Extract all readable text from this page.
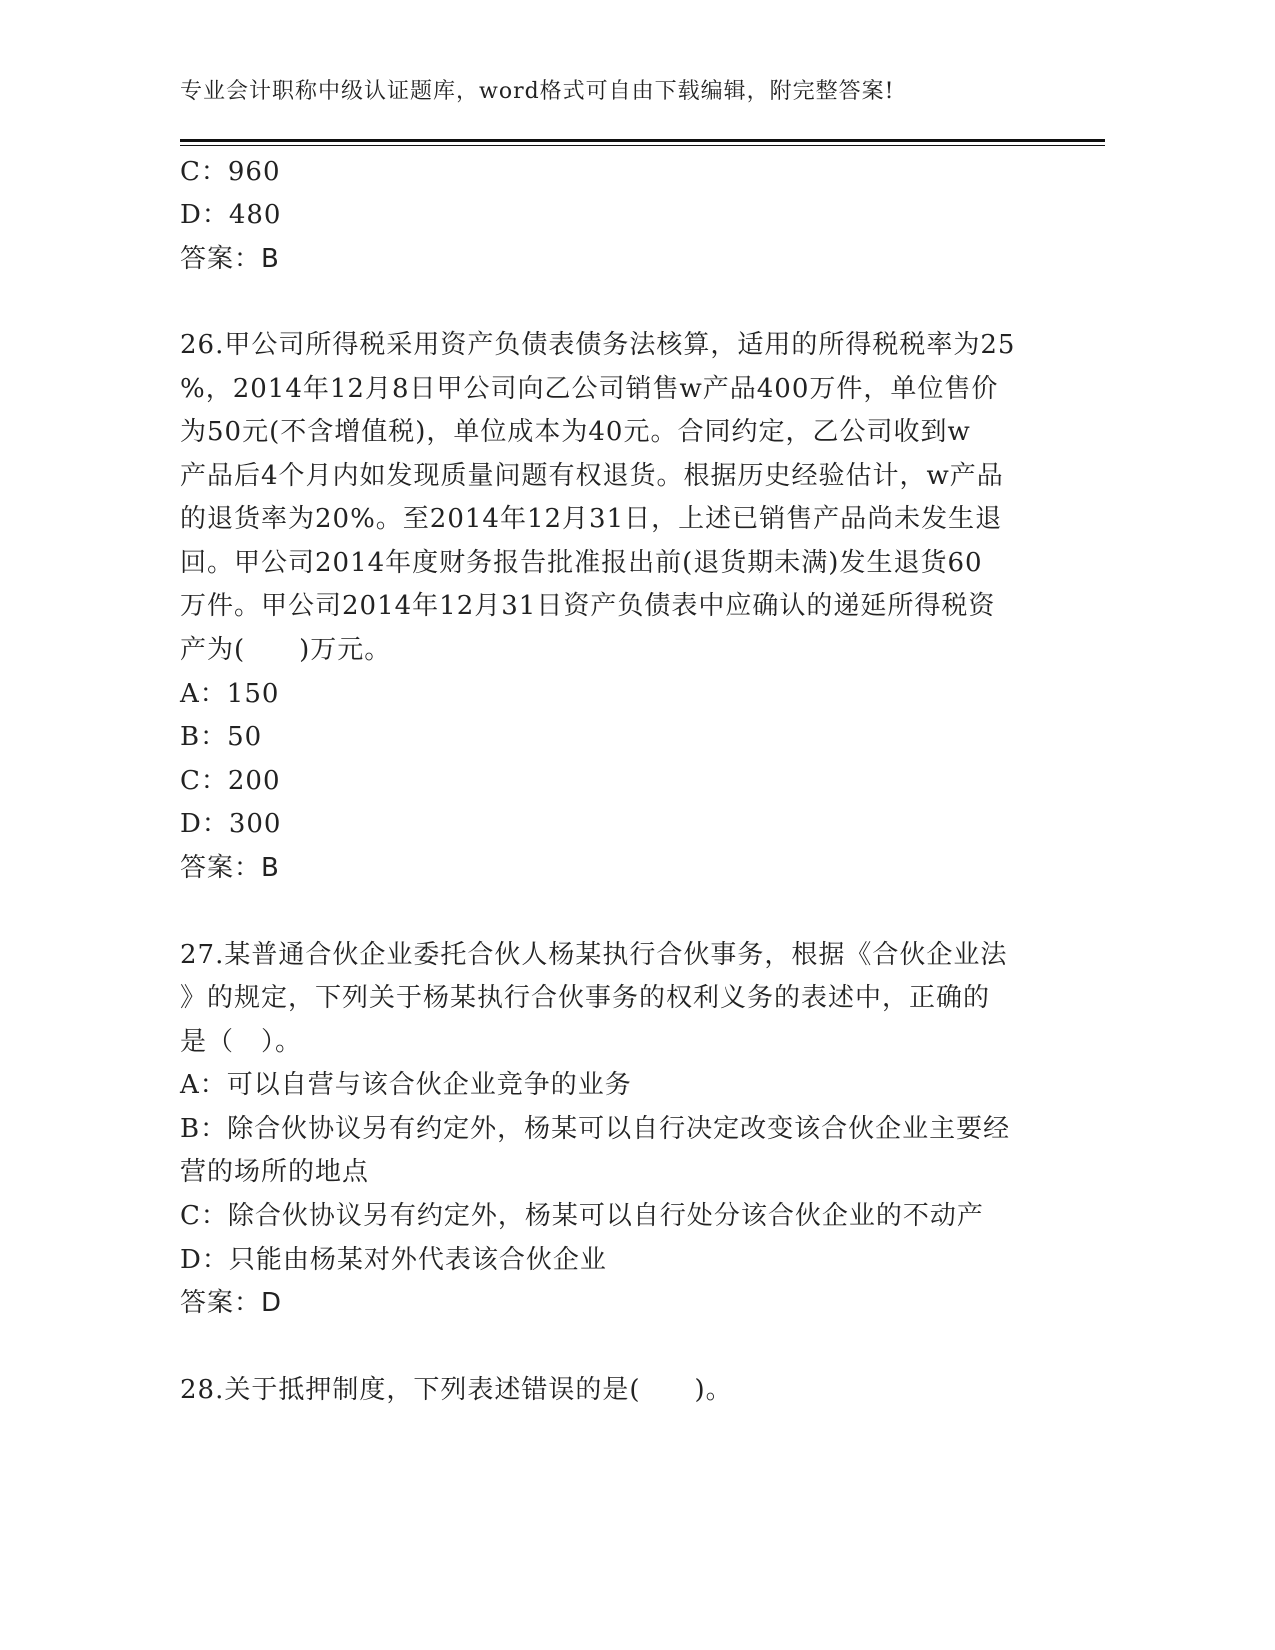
专业会计职称中级认证题库，word格式可自由下载编辑，附完整答案!
C：960
D：480
答案：B
26.甲公司所得税采用资产负债表债务法核算，适用的所得税税率为25
%，2014年12月8日甲公司向乙公司销售w产品400万件，单位售价
为50元(不含增值税)，单位成本为40元。合同约定，乙公司收到w
产品后4个月内如发现质量问题有权退货。根据历史经验估计，w产品
的退货率为20%。至2014年12月31日，上述已销售产品尚未发生退
回。甲公司2014年度财务报告批准报出前(退货期未满)发生退货60
万件。甲公司2014年12月31日资产负债表中应确认的递延所得税资
产为(　　)万元。
A：150
B：50
C：200
D：300
答案：B
27.某普通合伙企业委托合伙人杨某执行合伙事务，根据《合伙企业法
》的规定，下列关于杨某执行合伙事务的权利义务的表述中，正确的
是（　）。
A：可以自营与该合伙企业竞争的业务
B：除合伙协议另有约定外，杨某可以自行决定改变该合伙企业主要经
营的场所的地点
C：除合伙协议另有约定外，杨某可以自行处分该合伙企业的不动产
D：只能由杨某对外代表该合伙企业
答案：D
28.关于抵押制度，下列表述错误的是(　　)。
